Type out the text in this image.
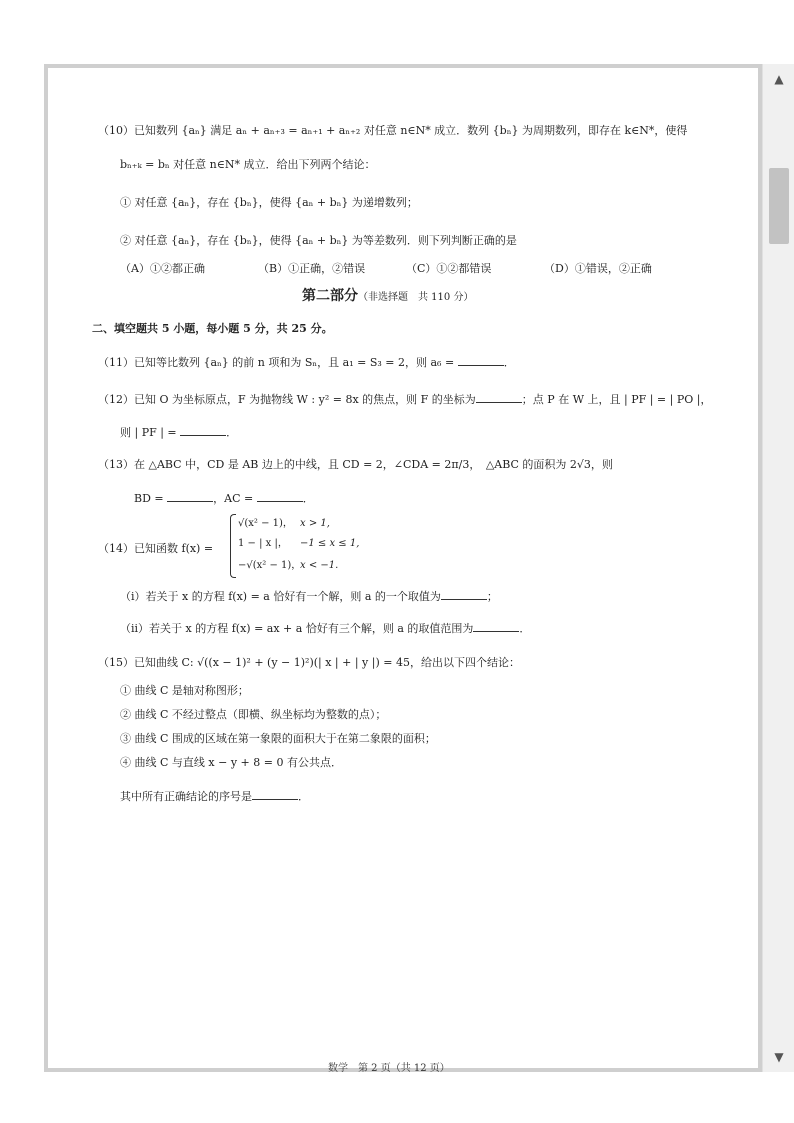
▲
▼
（10）已知数列 {aₙ} 满足 aₙ + aₙ₊₃ = aₙ₊₁ + aₙ₊₂ 对任意 n∈N* 成立．数列 {bₙ} 为周期数列，即存在 k∈N*，使得
bₙ₊ₖ = bₙ 对任意 n∈N* 成立．给出下列两个结论：
① 对任意 {aₙ}，存在 {bₙ}，使得 {aₙ + bₙ} 为递增数列；
② 对任意 {aₙ}，存在 {bₙ}，使得 {aₙ + bₙ} 为等差数列．则下列判断正确的是
（A）①②都正确	（B）①正确，②错误	（C）①②都错误	（D）①错误，②正确
第二部分（非选择题　共 110 分）
二、填空题共 5 小题，每小题 5 分，共 25 分。
（11）已知等比数列 {aₙ} 的前 n 项和为 Sₙ，且 a₁ = S₃ = 2，则 a₆ =	．
（12）已知 O 为坐标原点，F 为抛物线 W : y² = 8x 的焦点，则 F 的坐标为	；点 P 在 W 上，且 | PF | = | PO |，
则 | PF | =	．
（13）在 △ABC 中，CD 是 AB 边上的中线，且 CD = 2，∠CDA = 2π/3，　△ABC 的面积为 2√3，则
BD =	，AC =	．
（14）已知函数 f(x) =
√(x² − 1)， x > 1,
1 − | x |， −1 ≤ x ≤ 1,
−√(x² − 1)，
x < −1.
（i）若关于 x 的方程 f(x) = a 恰好有一个解，则 a 的一个取值为	；
（ii）若关于 x 的方程 f(x) = ax + a 恰好有三个解，则 a 的取值范围为	．
（15）已知曲线 C: √((x − 1)² + (y − 1)²)(| x | + | y |) = 45，给出以下四个结论：
① 曲线 C 是轴对称图形；
② 曲线 C 不经过整点（即横、纵坐标均为整数的点）；
③ 曲线 C 围成的区域在第一象限的面积大于在第二象限的面积；
④ 曲线 C 与直线 x − y + 8 = 0 有公共点．
其中所有正确结论的序号是	．
数学　第 2 页（共 12 页）
